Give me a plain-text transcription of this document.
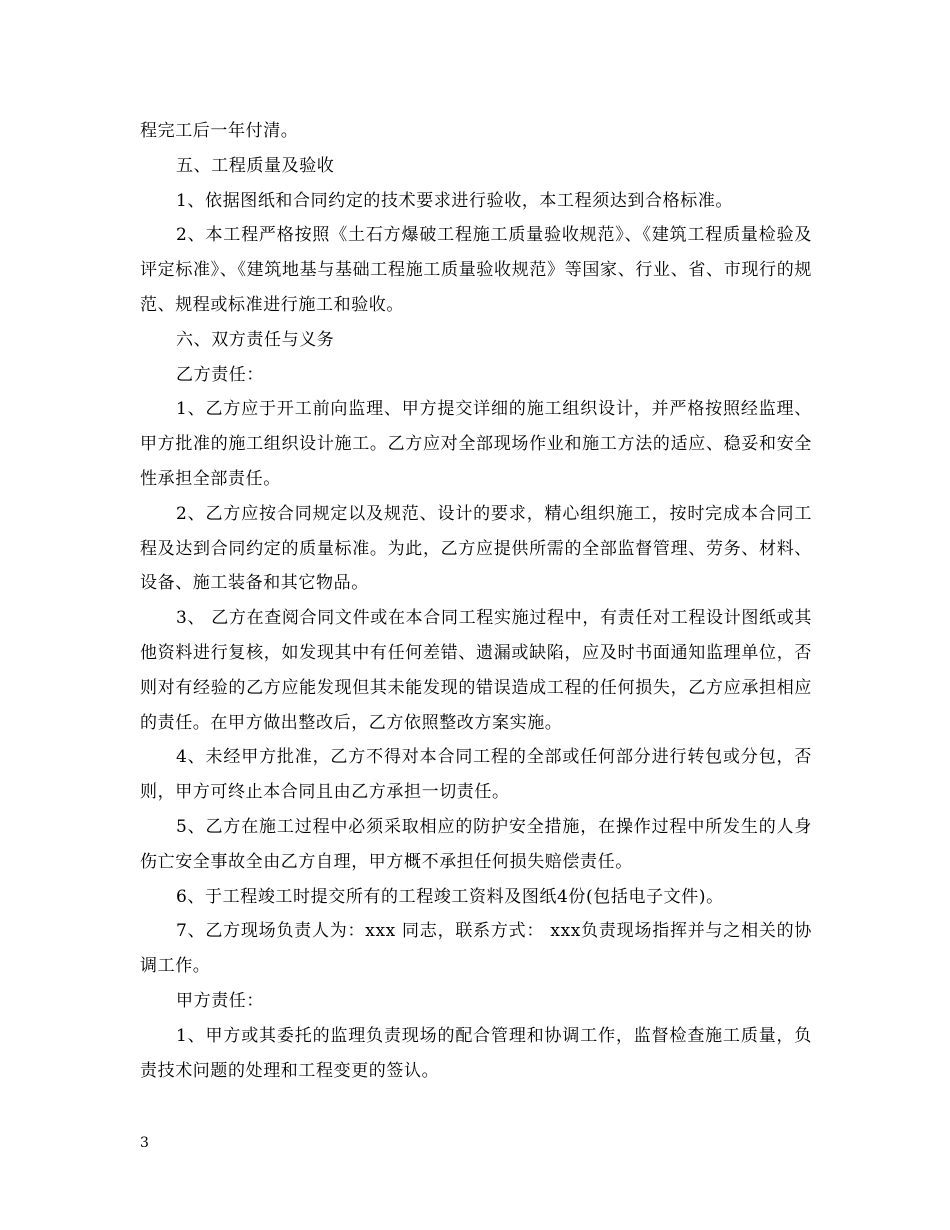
程完工后一年付清。

五、工程质量及验收

1、依据图纸和合同约定的技术要求进行验收，本工程须达到合格标准。

2、本工程严格按照《土石方爆破工程施工质量验收规范》、《建筑工程质量检验及评定标准》、《建筑地基与基础工程施工质量验收规范》等国家、行业、省、市现行的规范、规程或标准进行施工和验收。

六、双方责任与义务

乙方责任：

1、乙方应于开工前向监理、甲方提交详细的施工组织设计，并严格按照经监理、甲方批准的施工组织设计施工。乙方应对全部现场作业和施工方法的适应、稳妥和安全性承担全部责任。

2、乙方应按合同规定以及规范、设计的要求，精心组织施工，按时完成本合同工程及达到合同约定的质量标准。为此，乙方应提供所需的全部监督管理、劳务、材料、设备、施工装备和其它物品。

3、 乙方在查阅合同文件或在本合同工程实施过程中，有责任对工程设计图纸或其他资料进行复核，如发现其中有任何差错、遗漏或缺陷，应及时书面通知监理单位，否则对有经验的乙方应能发现但其未能发现的错误造成工程的任何损失，乙方应承担相应的责任。在甲方做出整改后，乙方依照整改方案实施。

4、未经甲方批准，乙方不得对本合同工程的全部或任何部分进行转包或分包，否则，甲方可终止本合同且由乙方承担一切责任。

5、乙方在施工过程中必须采取相应的防护安全措施，在操作过程中所发生的人身伤亡安全事故全由乙方自理，甲方概不承担任何损失赔偿责任。

6、于工程竣工时提交所有的工程竣工资料及图纸4份(包括电子文件)。

7、乙方现场负责人为：xxx 同志，联系方式： xxx负责现场指挥并与之相关的协调工作。

甲方责任：

1、甲方或其委托的监理负责现场的配合管理和协调工作，监督检查施工质量，负责技术问题的处理和工程变更的签认。

3
